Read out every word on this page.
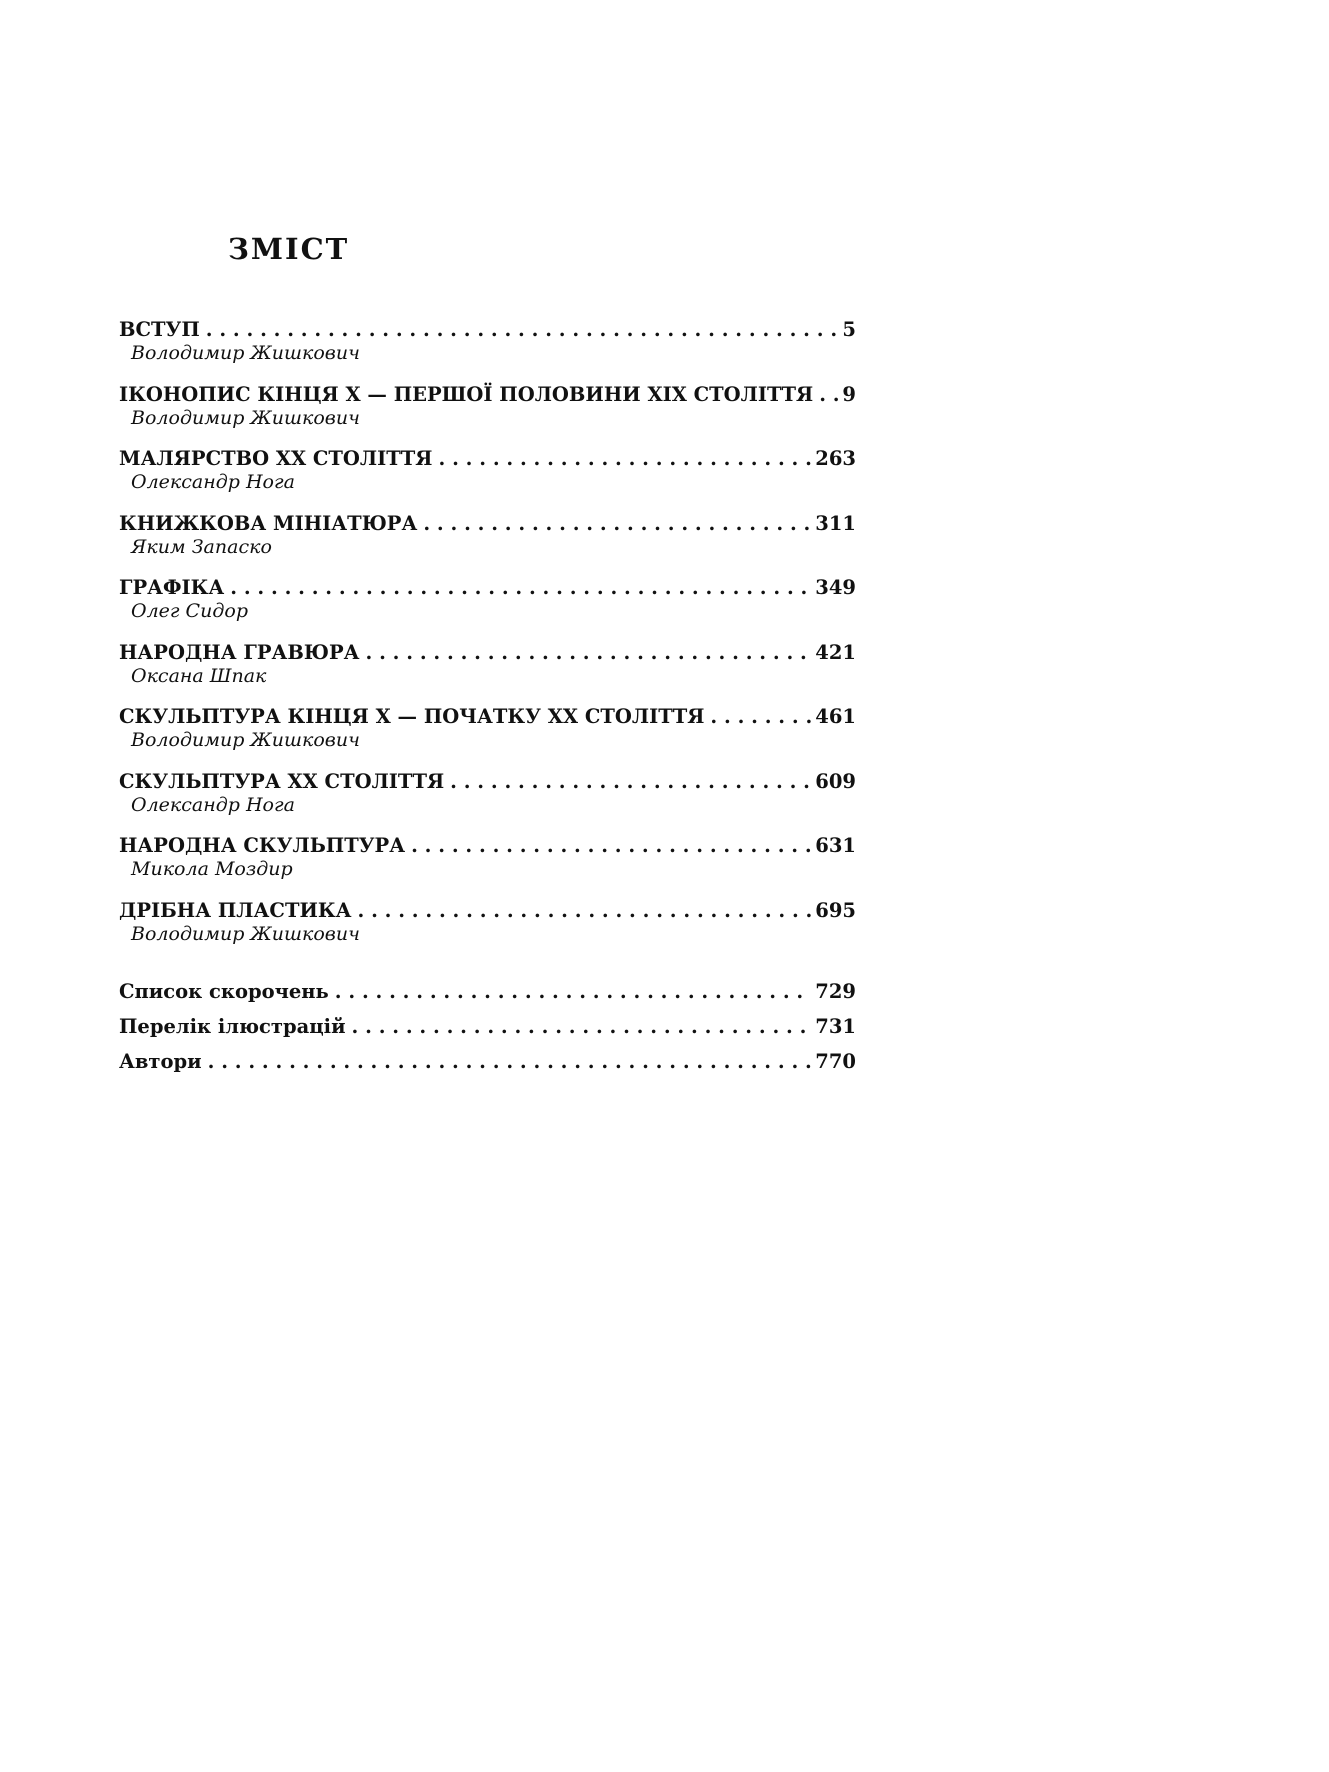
ЗМІСТ
ВСТУП . . .	5
Володимир Жишкович
ІКОНОПИС КІНЦЯ X — ПЕРШОЇ ПОЛОВИНИ XIX СТОЛІТТЯ . . . 9
Володимир Жишкович
МАЛЯРСТВО XX СТОЛІТТЯ . . .	263
Олександр Нога
КНИЖКОВА МІНІАТЮРА . . .	311
Яким Запаско
ГРАФІКА . . .	349
Олег Сидор
НАРОДНА ГРАВЮРА . . .	421
Оксана Шпак
СКУЛЬПТУРА КІНЦЯ X — ПОЧАТКУ XX СТОЛІТТЯ . . .	461
Володимир Жишкович
СКУЛЬПТУРА XX СТОЛІТТЯ . . .	609
Олександр Нога
НАРОДНА СКУЛЬПТУРА . . .	631
Микола Моздир
ДРІБНА ПЛАСТИКА . . .	695
Володимир Жишкович
Список скорочень . . .	729
Перелік ілюстрацій . . .	731
Автори . . .	770
